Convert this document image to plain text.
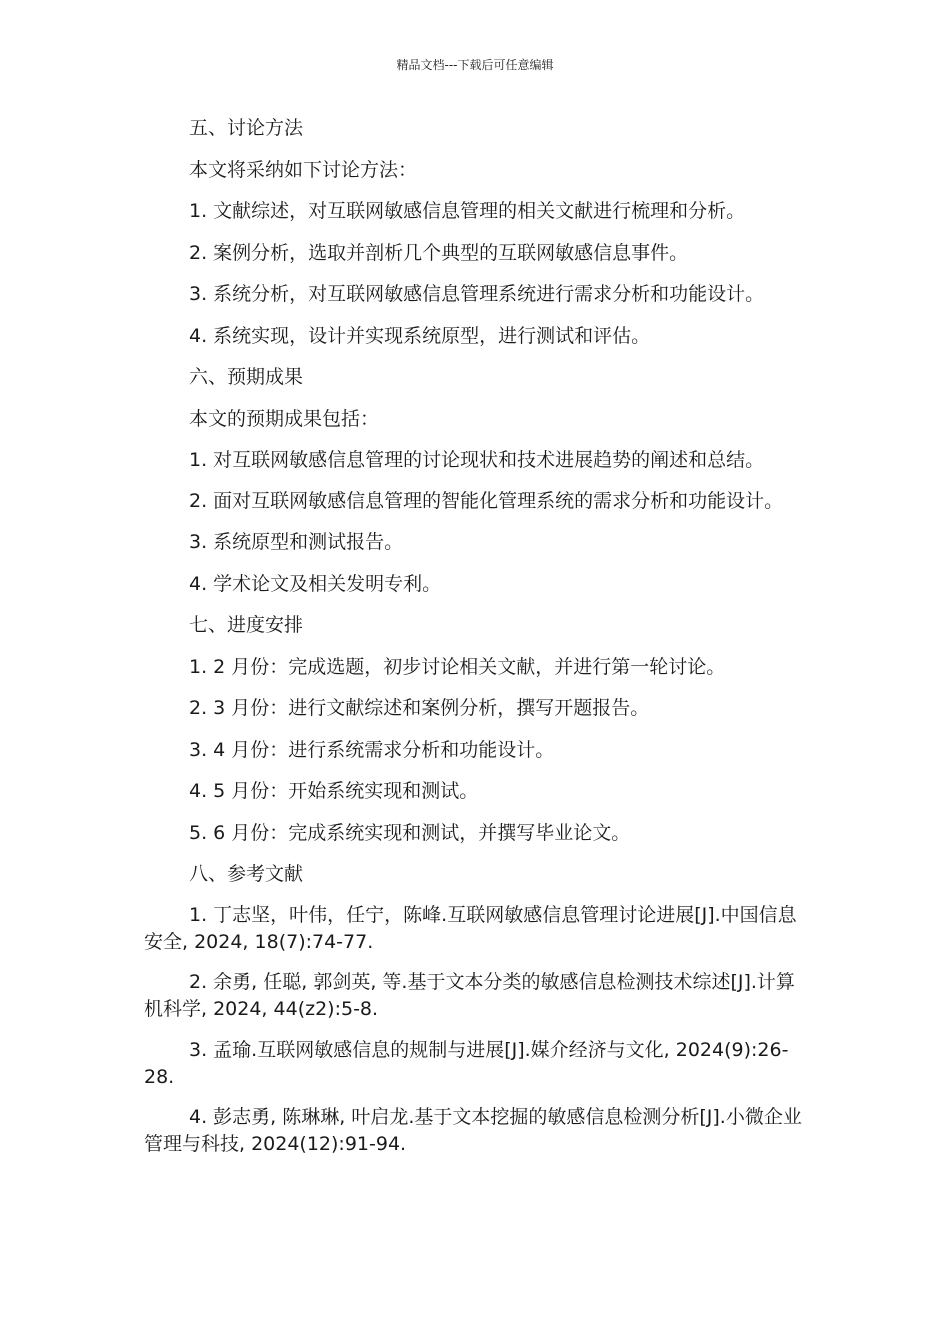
精品文档---下载后可任意编辑

五、讨论方法

本文将采纳如下讨论方法：

1. 文献综述，对互联网敏感信息管理的相关文献进行梳理和分析。

2. 案例分析，选取并剖析几个典型的互联网敏感信息事件。

3. 系统分析，对互联网敏感信息管理系统进行需求分析和功能设计。

4. 系统实现，设计并实现系统原型，进行测试和评估。

六、预期成果

本文的预期成果包括：

1. 对互联网敏感信息管理的讨论现状和技术进展趋势的阐述和总结。

2. 面对互联网敏感信息管理的智能化管理系统的需求分析和功能设计。

3. 系统原型和测试报告。

4. 学术论文及相关发明专利。

七、进度安排

1. 2 月份：完成选题，初步讨论相关文献，并进行第一轮讨论。

2. 3 月份：进行文献综述和案例分析，撰写开题报告。

3. 4 月份：进行系统需求分析和功能设计。

4. 5 月份：开始系统实现和测试。

5. 6 月份：完成系统实现和测试，并撰写毕业论文。

八、参考文献

1. 丁志坚，叶伟，任宁，陈峰.互联网敏感信息管理讨论进展[J].中国信息安全, 2024, 18(7):74-77.

2. 余勇, 任聪, 郭剑英, 等.基于文本分类的敏感信息检测技术综述[J].计算机科学, 2024, 44(z2):5-8.

3. 孟瑜.互联网敏感信息的规制与进展[J].媒介经济与文化, 2024(9):26-28.

4. 彭志勇, 陈琳琳, 叶启龙.基于文本挖掘的敏感信息检测分析[J].小微企业管理与科技, 2024(12):91-94.
